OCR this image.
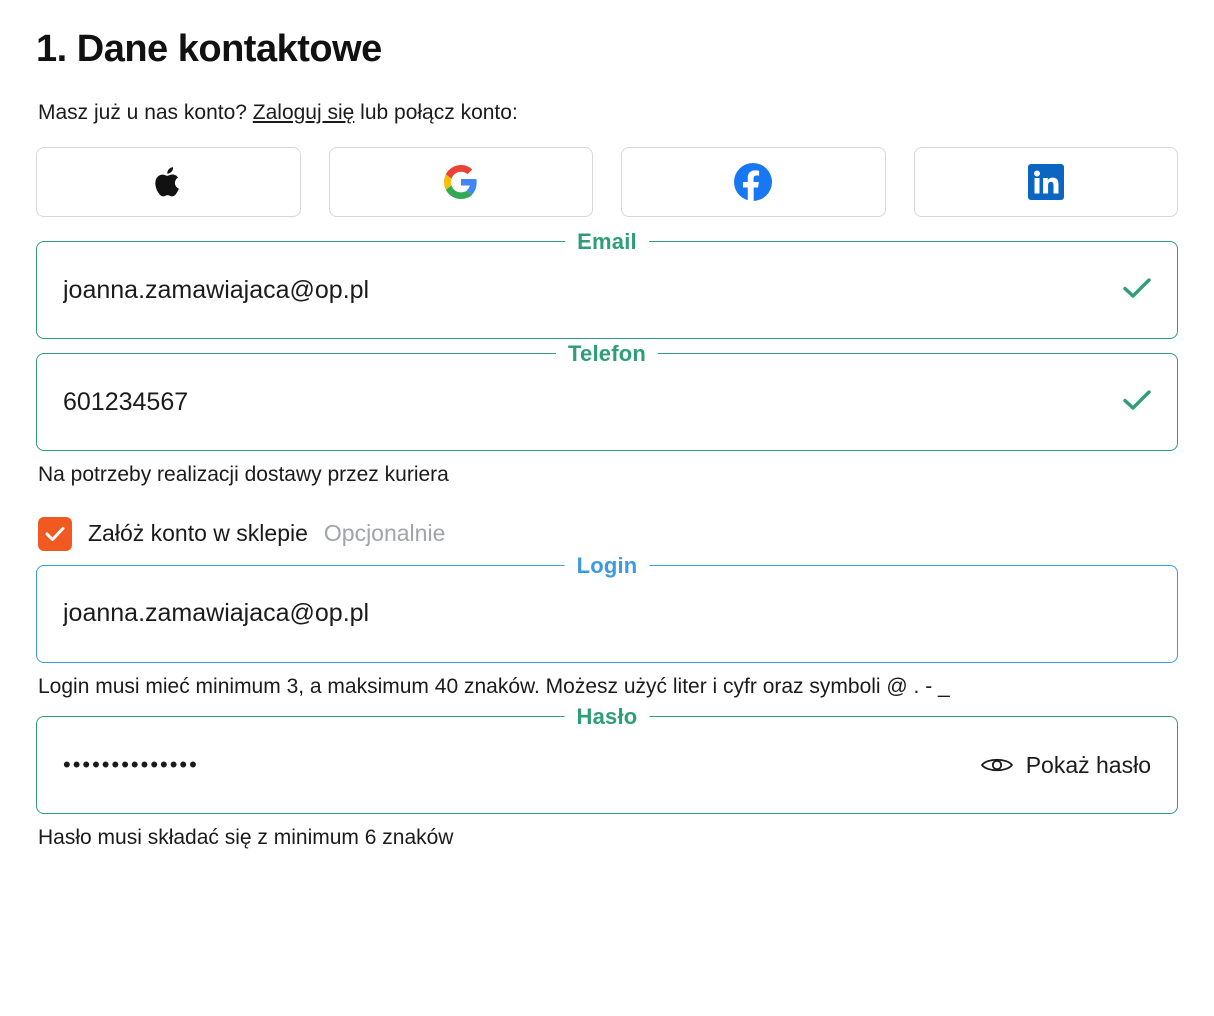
1. Dane kontaktowe

Masz już u nas konto? Zaloguj się lub połącz konto:

Email
joanna.zamawiajaca@op.pl
Telefon
601234567

Na potrzeby realizacji dostawy przez kuriera

Załóż konto w sklepie Opcjonalnie
Login
joanna.zamawiajaca@op.pl

Login musi mieć minimum 3, a maksimum 40 znaków. Możesz użyć liter i cyfr oraz symboli @ . - _

Hasło
••••••••••••••	Pokaż hasło

Hasło musi składać się z minimum 6 znaków
